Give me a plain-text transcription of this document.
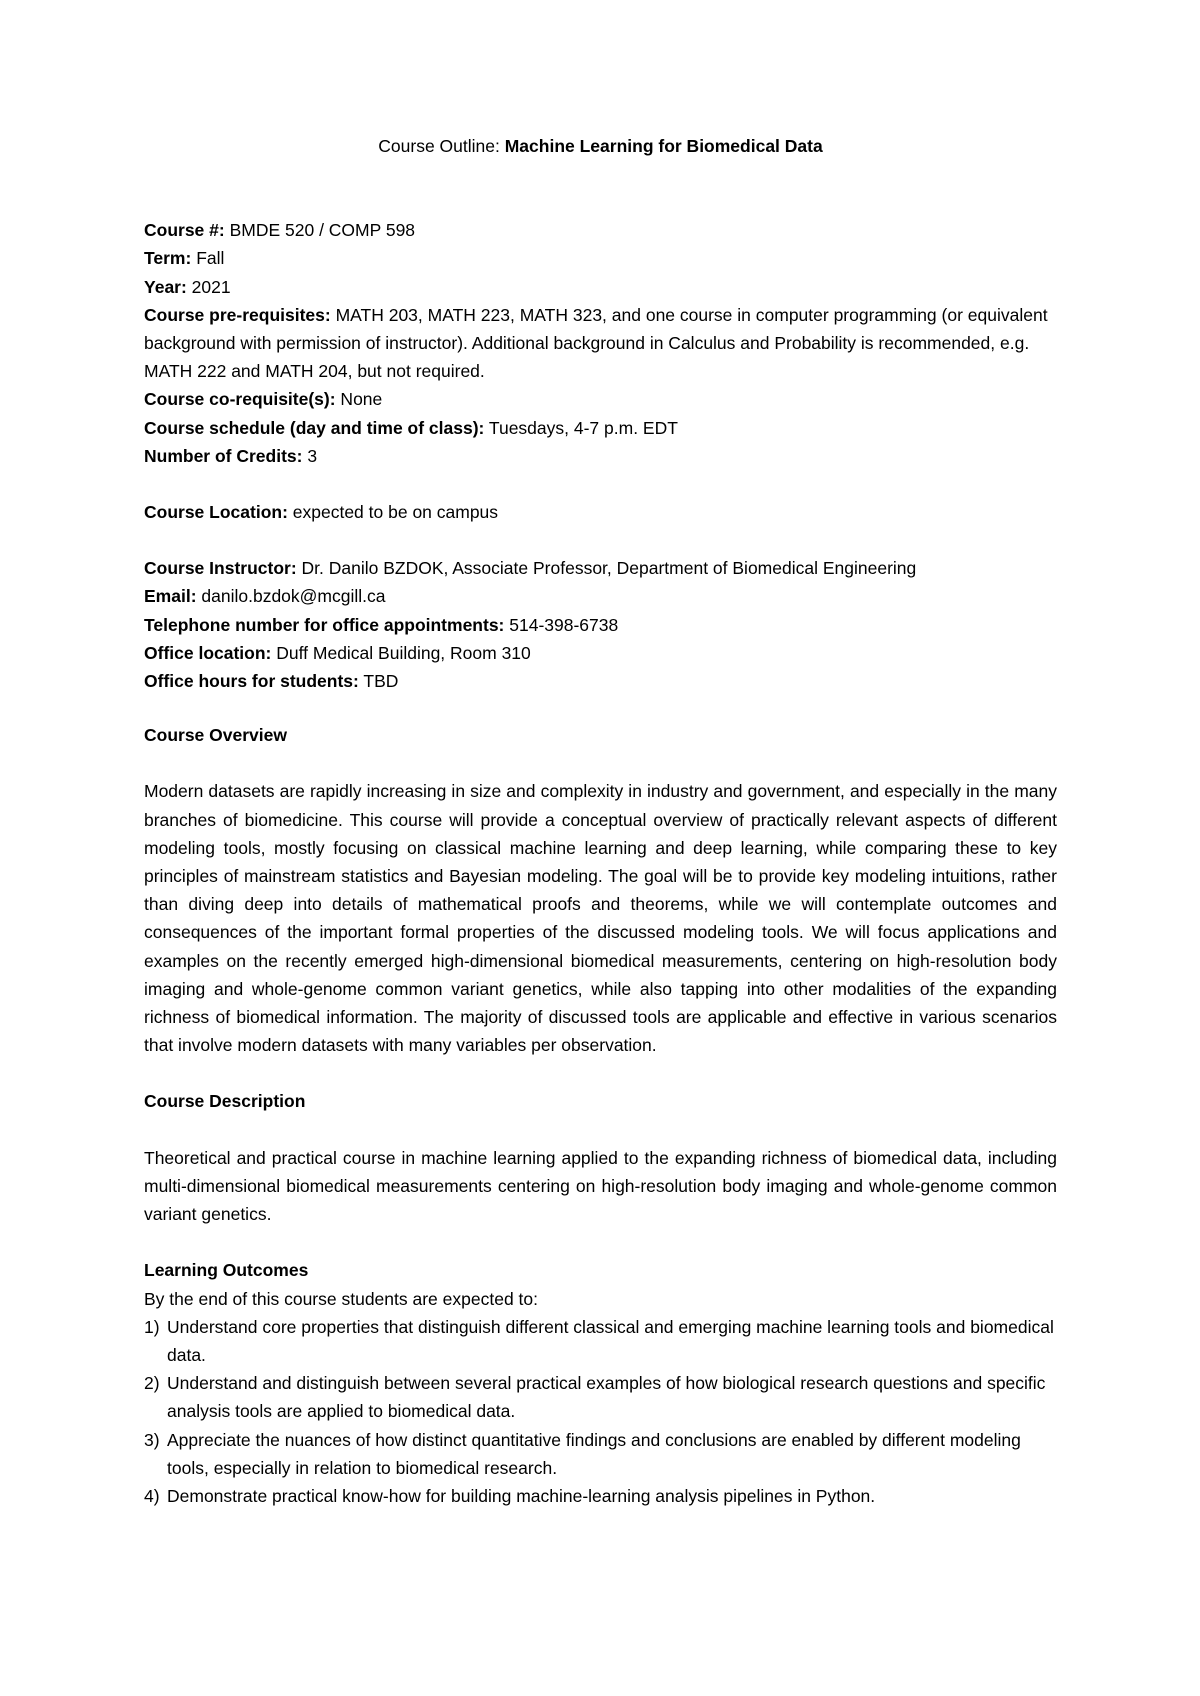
Course Outline: Machine Learning for Biomedical Data

Course #: BMDE 520 / COMP 598

Term: Fall

Year: 2021

Course pre-requisites: MATH 203, MATH 223, MATH 323, and one course in computer programming (or equivalent background with permission of instructor). Additional background in Calculus and Probability is recommended, e.g. MATH 222 and MATH 204, but not required.

Course co-requisite(s): None

Course schedule (day and time of class): Tuesdays, 4-7 p.m. EDT

Number of Credits: 3

Course Location: expected to be on campus

Course Instructor: Dr. Danilo BZDOK, Associate Professor, Department of Biomedical Engineering

Email: danilo.bzdok@mcgill.ca

Telephone number for office appointments: 514-398-6738

Office location: Duff Medical Building, Room 310

Office hours for students: TBD

Course Overview

Modern datasets are rapidly increasing in size and complexity in industry and government, and especially in the many branches of biomedicine. This course will provide a conceptual overview of practically relevant aspects of different modeling tools, mostly focusing on classical machine learning and deep learning, while comparing these to key principles of mainstream statistics and Bayesian modeling. The goal will be to provide key modeling intuitions, rather than diving deep into details of mathematical proofs and theorems, while we will contemplate outcomes and consequences of the important formal properties of the discussed modeling tools. We will focus applications and examples on the recently emerged high-dimensional biomedical measurements, centering on high-resolution body imaging and whole-genome common variant genetics, while also tapping into other modalities of the expanding richness of biomedical information. The majority of discussed tools are applicable and effective in various scenarios that involve modern datasets with many variables per observation.

Course Description

Theoretical and practical course in machine learning applied to the expanding richness of biomedical data, including multi-dimensional biomedical measurements centering on high-resolution body imaging and whole-genome common variant genetics.

Learning Outcomes

By the end of this course students are expected to:

1) Understand core properties that distinguish different classical and emerging machine learning tools and biomedical data.
2) Understand and distinguish between several practical examples of how biological research questions and specific analysis tools are applied to biomedical data.
3) Appreciate the nuances of how distinct quantitative findings and conclusions are enabled by different modeling tools, especially in relation to biomedical research.
4) Demonstrate practical know-how for building machine-learning analysis pipelines in Python.
